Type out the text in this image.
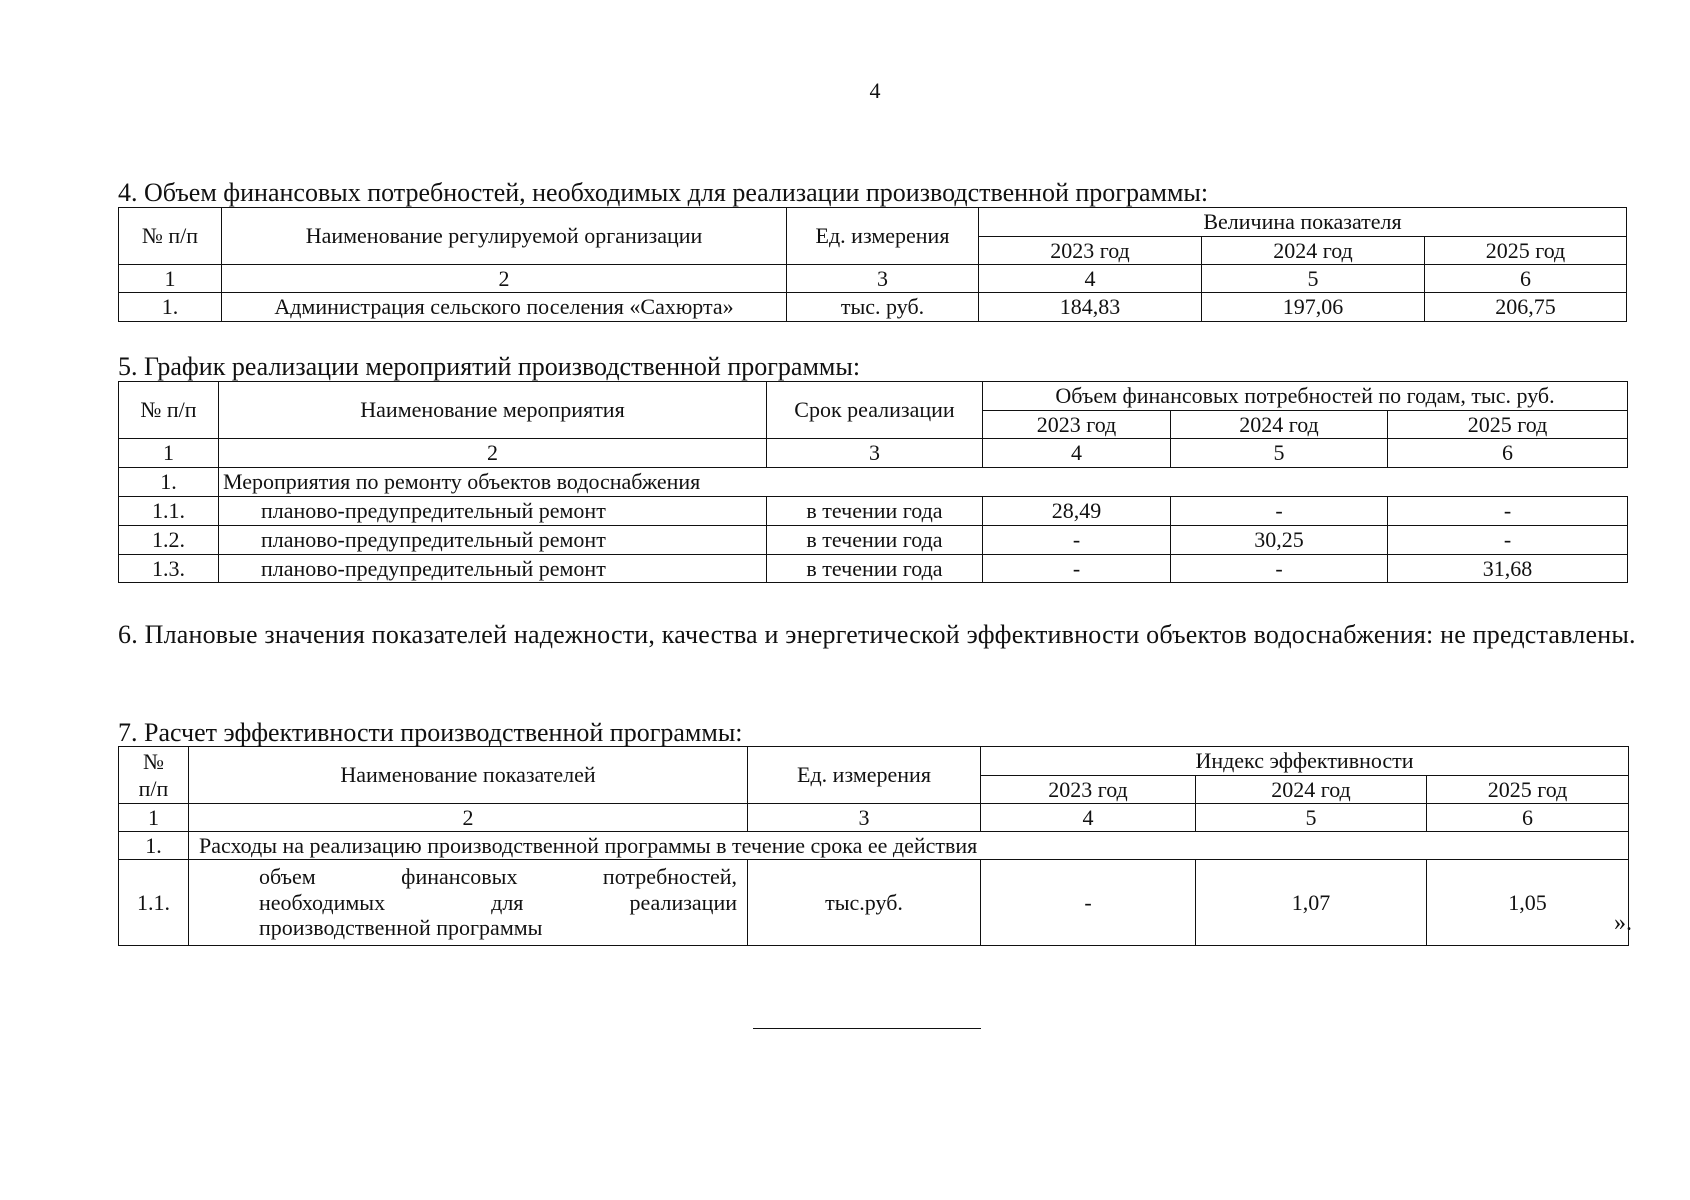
4
4. Объем финансовых потребностей, необходимых для реализации производственной программы:
№ п/п	Наименование регулируемой организации	Ед. измерения	Величина показателя		
			2023 год	2024 год	2025 год
1	2	3	4	5	6
1.	Администрация сельского поселения «Сахюрта»	тыс. руб.	184,83	197,06	206,75
5. График реализации мероприятий производственной программы:
№ п/п	Наименование мероприятия	Срок реализации	Объем финансовых потребностей по годам, тыс. руб.		
			2023 год	2024 год	2025 год
1	2	3	4	5	6
1.	Мероприятия по ремонту объектов водоснабжения				
1.1.	планово-предупредительный ремонт	в течении года	28,49	-	-
1.2.	планово-предупредительный ремонт	в течении года	-	30,25	-
1.3.	планово-предупредительный ремонт	в течении года	-	-	31,68
6. Плановые значения показателей надежности, качества и энергетической эффективности объектов водоснабжения: не представлены.
7. Расчет эффективности производственной программы:
№
п/п	Наименование показателей	Ед. измерения	Индекс эффективности		
			2023 год	2024 год	2025 год
1	2	3	4	5	6
1.	Расходы на реализацию производственной программы в течение срока ее действия				
1.1.	объем финансовых потребностей,
необходимых для реализации
производственной программы	тыс.руб.	-	1,07	1,05
».
